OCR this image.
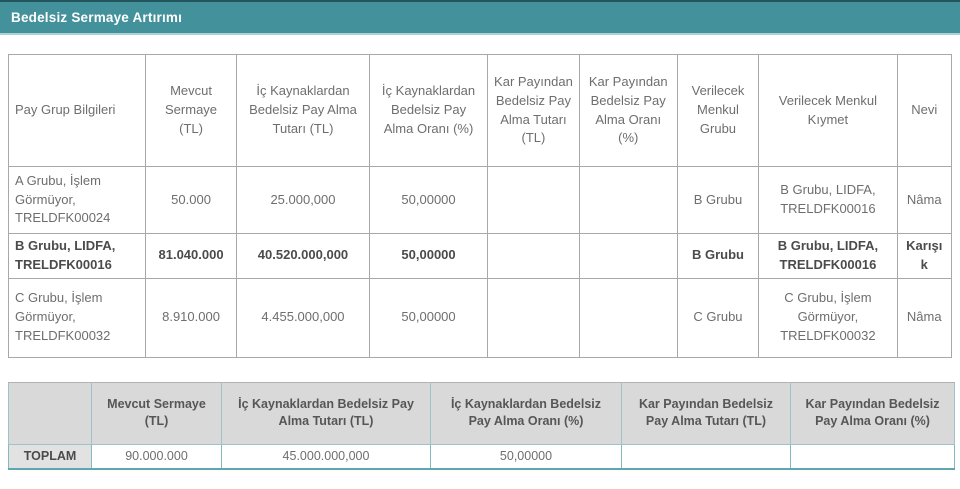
Bedelsiz Sermaye Artırımı
Pay Grup Bilgileri	Mevcut Sermaye (TL)	İç Kaynaklardan Bedelsiz Pay Alma Tutarı (TL)	İç Kaynaklardan Bedelsiz Pay Alma Oranı (%)	Kar Payından Bedelsiz Pay Alma Tutarı (TL)	Kar Payından Bedelsiz Pay Alma Oranı (%)	Verilecek Menkul Grubu	Verilecek Menkul Kıymet	Nevi
A Grubu, İşlem Görmüyor, TRELDFK00024	50.000	25.000,000	50,00000			B Grubu	B Grubu, LIDFA, TRELDFK00016	Nâma
B Grubu, LIDFA, TRELDFK00016	81.040.000	40.520.000,000	50,00000			B Grubu	B Grubu, LIDFA, TRELDFK00016	Karışık
C Grubu, İşlem Görmüyor, TRELDFK00032	8.910.000	4.455.000,000	50,00000			C Grubu	C Grubu, İşlem Görmüyor, TRELDFK00032	Nâma
	Mevcut Sermaye (TL)	İç Kaynaklardan Bedelsiz Pay Alma Tutarı (TL)	İç Kaynaklardan Bedelsiz Pay Alma Oranı (%)	Kar Payından Bedelsiz Pay Alma Tutarı (TL)	Kar Payından Bedelsiz Pay Alma Oranı (%)
TOPLAM	90.000.000	45.000.000,000	50,00000		
